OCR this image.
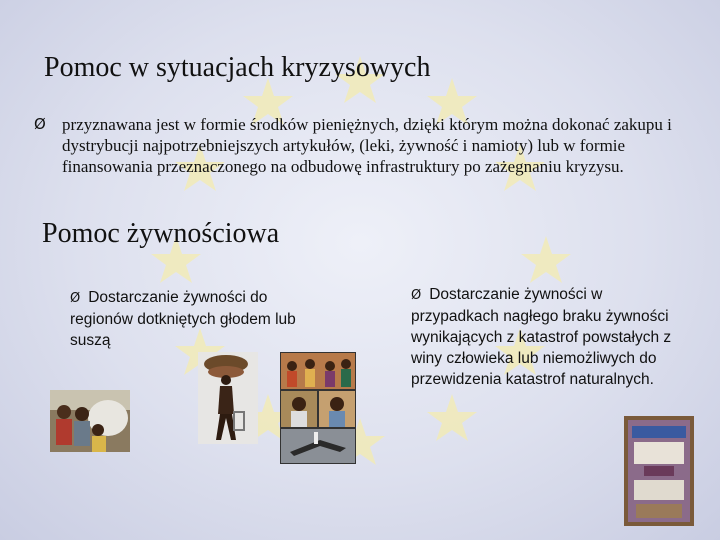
Pomoc w sytuacjach kryzysowych
Ø przyznawana jest w formie środków pieniężnych, dzięki którym można dokonać zakupu i dystrybucji najpotrzebniejszych artykułów, (leki, żywność i namioty) lub w formie finansowania przeznaczonego na odbudowę infrastruktury po zażegnaniu kryzysu.
Pomoc żywnościowa
Ø Dostarczanie żywności do regionów dotkniętych głodem lub suszą
Ø Dostarczanie żywności w przypadkach nagłego braku żywności wynikających z katastrof powstałych z winy człowieka lub niemożliwych do przewidzenia katastrof naturalnych.
